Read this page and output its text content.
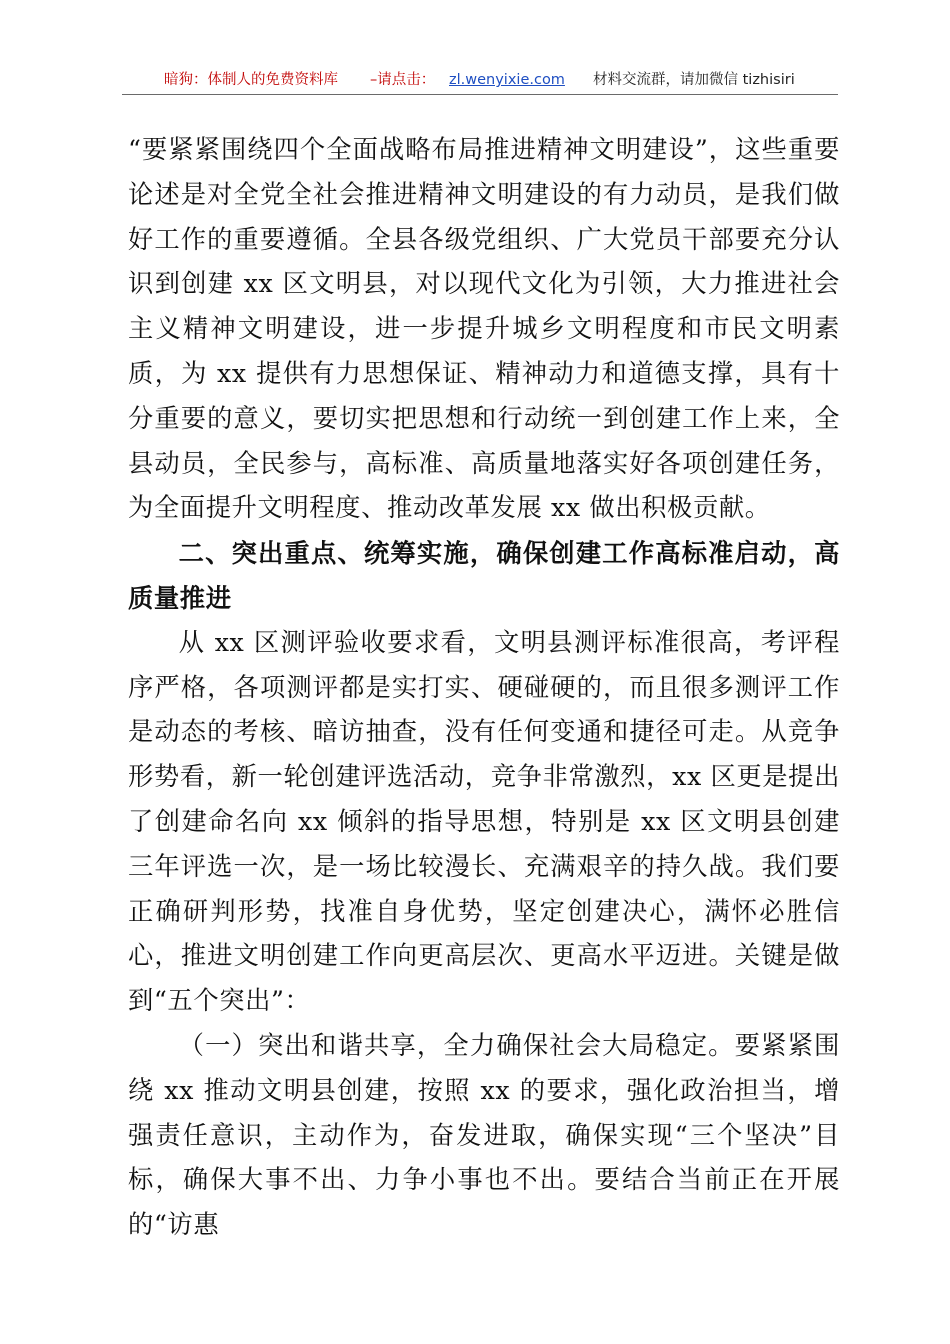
暗狗：体制人的免费资料库 –请点击： zl.wenyixie.com 材料交流群，请加微信 tizhisiri

“要紧紧围绕四个全面战略布局推进精神文明建设”，这些重要论述是对全党全社会推进精神文明建设的有力动员，是我们做好工作的重要遵循。全县各级党组织、广大党员干部要充分认识到创建 xx 区文明县，对以现代文化为引领，大力推进社会主义精神文明建设，进一步提升城乡文明程度和市民文明素质，为 xx 提供有力思想保证、精神动力和道德支撑，具有十分重要的意义，要切实把思想和行动统一到创建工作上来，全县动员，全民参与，高标准、高质量地落实好各项创建任务，为全面提升文明程度、推动改革发展 xx 做出积极贡献。

二、突出重点、统筹实施，确保创建工作高标准启动，高质量推进

从 xx 区测评验收要求看，文明县测评标准很高，考评程序严格，各项测评都是实打实、硬碰硬的，而且很多测评工作是动态的考核、暗访抽查，没有任何变通和捷径可走。从竞争形势看，新一轮创建评选活动，竞争非常激烈，xx 区更是提出了创建命名向 xx 倾斜的指导思想，特别是 xx 区文明县创建三年评选一次，是一场比较漫长、充满艰辛的持久战。我们要正确研判形势，找准自身优势，坚定创建决心，满怀必胜信心，推进文明创建工作向更高层次、更高水平迈进。关键是做到“五个突出”：

（一）突出和谐共享，全力确保社会大局稳定。要紧紧围绕 xx 推动文明县创建，按照 xx 的要求，强化政治担当，增强责任意识，主动作为，奋发进取，确保实现“三个坚决”目标，确保大事不出、力争小事也不出。要结合当前正在开展的“访惠
